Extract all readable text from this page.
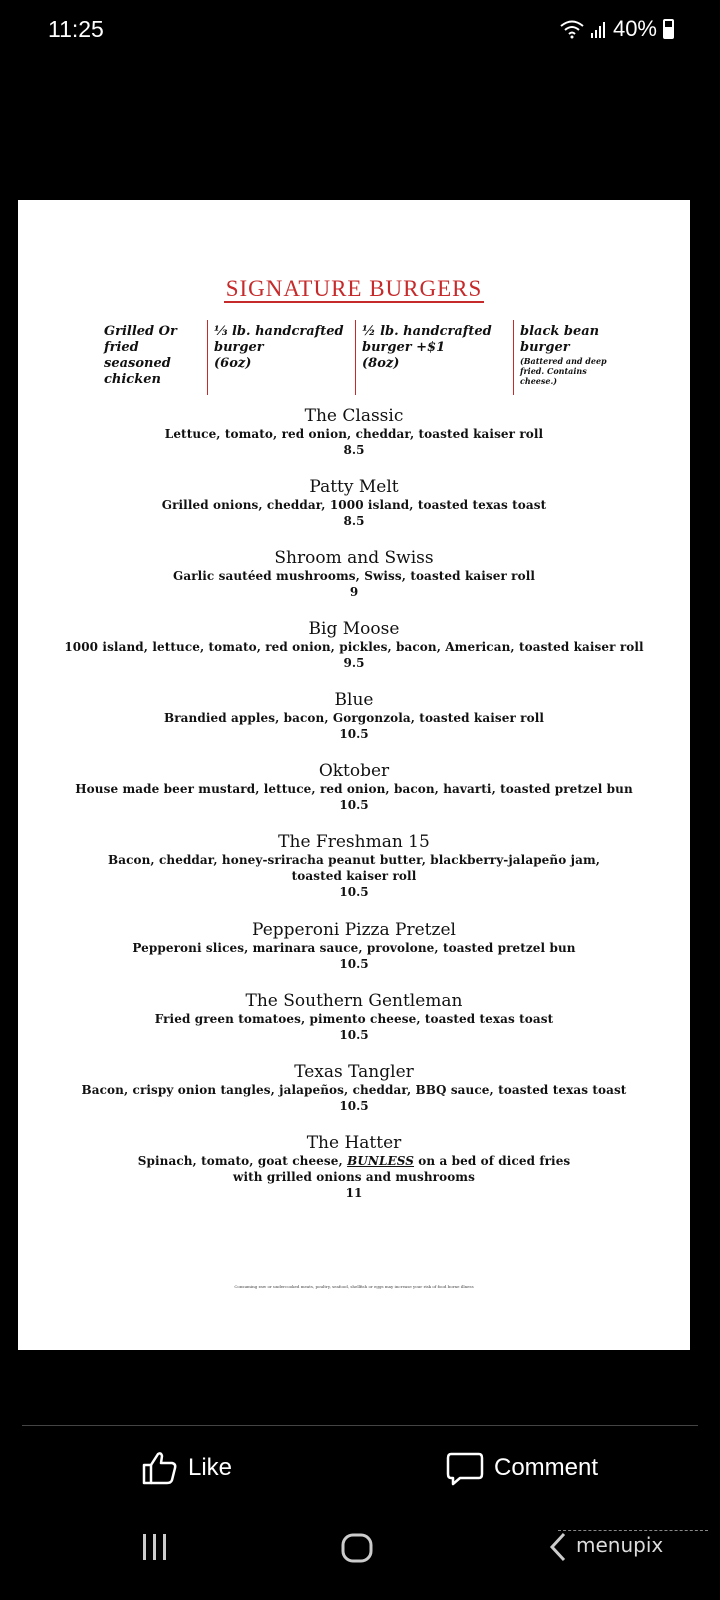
11:25	40%
SIGNATURE BURGERS
Grilled Or
fried
seasoned
chicken
⅓ lb. handcrafted
burger
(6oz)
½ lb. handcrafted
burger +$1
(8oz)
black bean
burger
(Battered and deep
fried. Contains
cheese.)
The Classic
Lettuce, tomato, red onion, cheddar, toasted kaiser roll
8.5
Patty Melt
Grilled onions, cheddar, 1000 island, toasted texas toast
8.5
Shroom and Swiss
Garlic sautéed mushrooms, Swiss, toasted kaiser roll
9
Big Moose
1000 island, lettuce, tomato, red onion, pickles, bacon, American, toasted kaiser roll
9.5
Blue
Brandied apples, bacon, Gorgonzola, toasted kaiser roll
10.5
Oktober
House made beer mustard, lettuce, red onion, bacon, havarti, toasted pretzel bun
10.5
The Freshman 15
Bacon, cheddar, honey-sriracha peanut butter, blackberry-jalapeño jam,
toasted kaiser roll
10.5
Pepperoni Pizza Pretzel
Pepperoni slices, marinara sauce, provolone, toasted pretzel bun
10.5
The Southern Gentleman
Fried green tomatoes, pimento cheese, toasted texas toast
10.5
Texas Tangler
Bacon, crispy onion tangles, jalapeños, cheddar, BBQ sauce, toasted texas toast
10.5
The Hatter
Spinach, tomato, goat cheese, BUNLESS on a bed of diced fries
with grilled onions and mushrooms
11
Consuming raw or undercooked meats, poultry, seafood, shellfish or eggs may increase your risk of food borne illness
Like	Comment
menupix
